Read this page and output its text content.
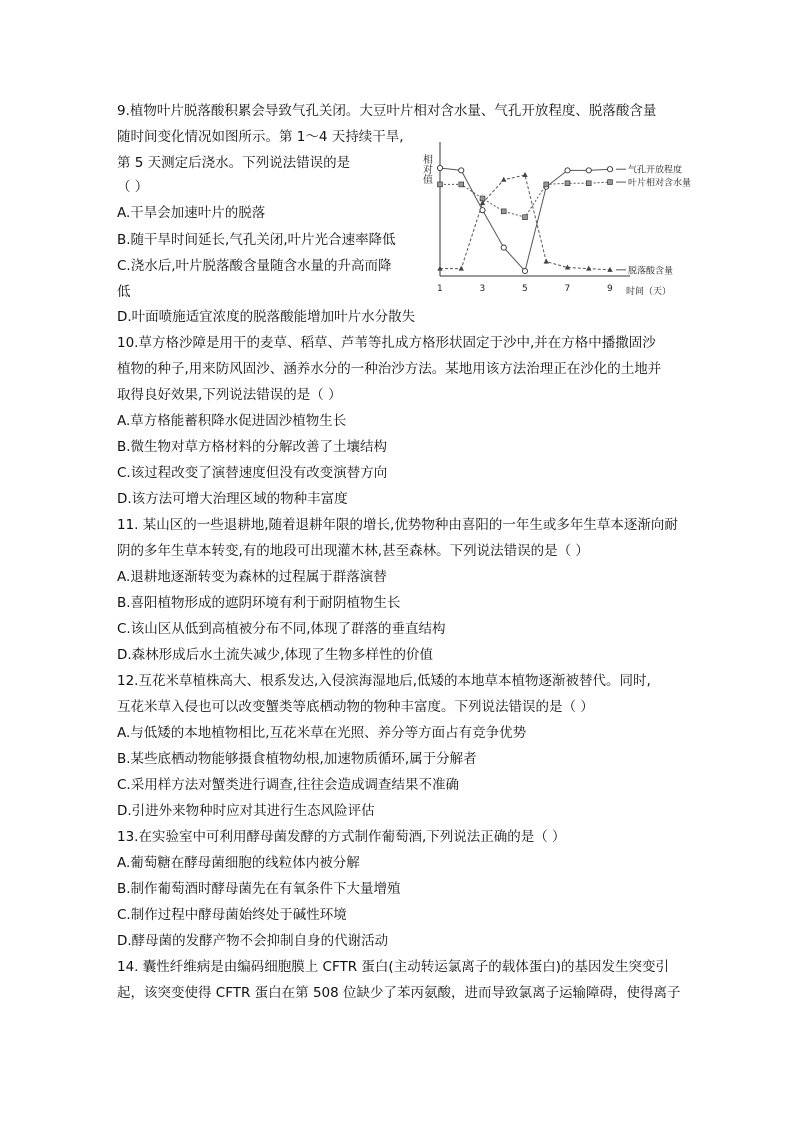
9.植物叶片脱落酸积累会导致气孔关闭。大豆叶片相对含水量、气孔开放程度、脱落酸含量
随时间变化情况如图所示。第 1～4 天持续干旱,
第 5 天测定后浇水。下列说法错误的是
（ ）
A.干旱会加速叶片的脱落
B.随干旱时间延长,气孔关闭,叶片光合速率降低
C.浇水后,叶片脱落酸含量随含水量的升高而降
低
D.叶面喷施适宜浓度的脱落酸能增加叶片水分散失
相对值
时间（天）
1	3	5	7	9
气孔开放程度
叶片相对含水量
脱落酸含量
10.草方格沙障是用干的麦草、稻草、芦苇等扎成方格形状固定于沙中,并在方格中播撒固沙
植物的种子,用来防风固沙、涵养水分的一种治沙方法。某地用该方法治理正在沙化的土地并
取得良好效果,下列说法错误的是（ ）
A.草方格能蓄积降水促进固沙植物生长
B.微生物对草方格材料的分解改善了土壤结构
C.该过程改变了演替速度但没有改变演替方向
D.该方法可增大治理区域的物种丰富度
11. 某山区的一些退耕地,随着退耕年限的增长,优势物种由喜阳的一年生或多年生草本逐渐向耐
阴的多年生草本转变,有的地段可出现灌木林,甚至森林。下列说法错误的是（ ）
A.退耕地逐渐转变为森林的过程属于群落演替
B.喜阳植物形成的遮阴环境有利于耐阴植物生长
C.该山区从低到高植被分布不同,体现了群落的垂直结构
D.森林形成后水土流失减少,体现了生物多样性的价值
12.互花米草植株高大、根系发达,入侵滨海湿地后,低矮的本地草本植物逐渐被替代。同时,
互花米草入侵也可以改变蟹类等底栖动物的物种丰富度。下列说法错误的是（ ）
A.与低矮的本地植物相比,互花米草在光照、养分等方面占有竞争优势
B.某些底栖动物能够摄食植物幼根,加速物质循环,属于分解者
C.采用样方法对蟹类进行调查,往往会造成调查结果不准确
D.引进外来物种时应对其进行生态风险评估
13.在实验室中可利用酵母菌发酵的方式制作葡萄酒,下列说法正确的是（ ）
A.葡萄糖在酵母菌细胞的线粒体内被分解
B.制作葡萄酒时酵母菌先在有氧条件下大量增殖
C.制作过程中酵母菌始终处于碱性环境
D.酵母菌的发酵产物不会抑制自身的代谢活动
14. 囊性纤维病是由编码细胞膜上 CFTR 蛋白(主动转运氯离子的载体蛋白)的基因发生突变引
起，该突变使得 CFTR 蛋白在第 508 位缺少了苯丙氨酸，进而导致氯离子运输障碍，使得离子
